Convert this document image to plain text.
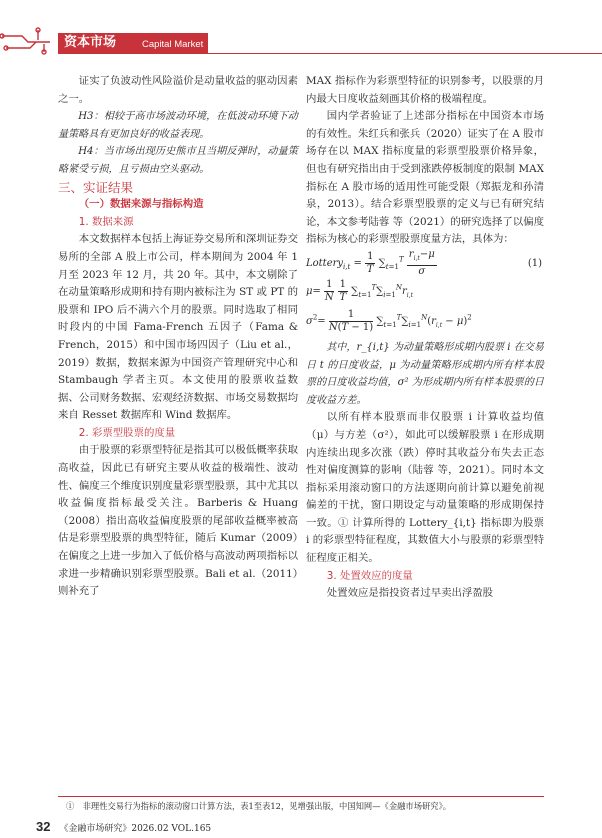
资本市场	Capital Market

证实了负波动性风险溢价是动量收益的驱动因素之一。

H3：相较于高市场波动环境，在低波动环境下动量策略具有更加良好的收益表现。

H4：当市场出现历史熊市且当期反弹时，动量策略紧受亏损，且亏损由空头驱动。

三、实证结果

（一）数据来源与指标构造

1. 数据来源

本文数据样本包括上海证券交易所和深圳证券交易所的全部 A 股上市公司，样本期间为 2004 年 1 月至 2023 年 12 月，共 20 年。其中，本文剔除了在动量策略形成期和持有期内被标注为 ST 或 PT 的股票和 IPO 后不满六个月的股票。同时选取了相同时段内的中国 Fama-French 五因子（Fama & French，2015）和中国市场四因子（Liu et al.，2019）数据，数据来源为中国资产管理研究中心和 Stambaugh 学者主页。本文使用的股票收益数据、公司财务数据、宏观经济数据、市场交易数据均来自 Resset 数据库和 Wind 数据库。

2. 彩票型股票的度量

由于股票的彩票型特征是指其可以极低概率获取高收益，因此已有研究主要从收益的极端性、波动性、偏度三个维度识别度量彩票型股票，其中尤其以收益偏度指标最受关注。Barberis & Huang（2008）指出高收益偏度股票的尾部收益概率被高估是彩票型股票的典型特征，随后 Kumar（2009）在偏度之上进一步加入了低价格与高波动两项指标以求进一步精确识别彩票型股票。Bali et al.（2011）则补充了

MAX 指标作为彩票型特征的识别参考，以股票的月内最大日度收益刻画其价格的极端程度。

国内学者验证了上述部分指标在中国资本市场的有效性。朱红兵和张兵（2020）证实了在 A 股市场存在以 MAX 指标度量的彩票型股票价格异象，但也有研究指出由于受到涨跌停板制度的限制 MAX 指标在 A 股市场的适用性可能受限（郑振龙和孙清泉，2013）。结合彩票型股票的定义与已有研究结论，本文参考陆蓉 等（2021）的研究选择了以偏度指标为核心的彩票型股票度量方法，具体为：

Lottery$_{i,t}$ = $\frac{1}{T} \sum_{t=1}^T \frac{r_{i,t}-\mu}{\sigma}$	(1)
$\mu= \frac{1}{N}$
$\frac{1}{T} \sum_{t=1}^T\sum_{i=1}^Nr_{i,t}$
$\sigma^2= \frac{1}{N(T - 1)} \sum_{t=1}^T\sum_{i=1}^N(r_{i,t} - \mu)^2$

其中，r_{i,t} 为动量策略形成期内股票 i 在交易日 t 的日度收益，μ 为动量策略形成期内所有样本股票的日度收益均值，σ² 为形成期内所有样本股票的日度收益方差。

以所有样本股票而非仅股票 i 计算收益均值（μ）与方差（σ²），如此可以缓解股票 i 在形成期内连续出现多次涨（跌）停时其收益分布失去正态性对偏度测算的影响（陆蓉 等，2021）。同时本文指标采用滚动窗口的方法逐期向前计算以避免前视偏差的干扰，窗口期设定与动量策略的形成期保持一致。① 计算所得的 Lottery_{i,t} 指标即为股票 i 的彩票型特征程度，其数值大小与股票的彩票型特征程度正相关。

3. 处置效应的度量

处置效应是指投资者过早卖出浮盈股

①　非理性交易行为指标的滚动窗口计算方法，表1至表12，见增强出版，中国知网—《金融市场研究》。
32 《金融市场研究》2026.02 VOL.165
